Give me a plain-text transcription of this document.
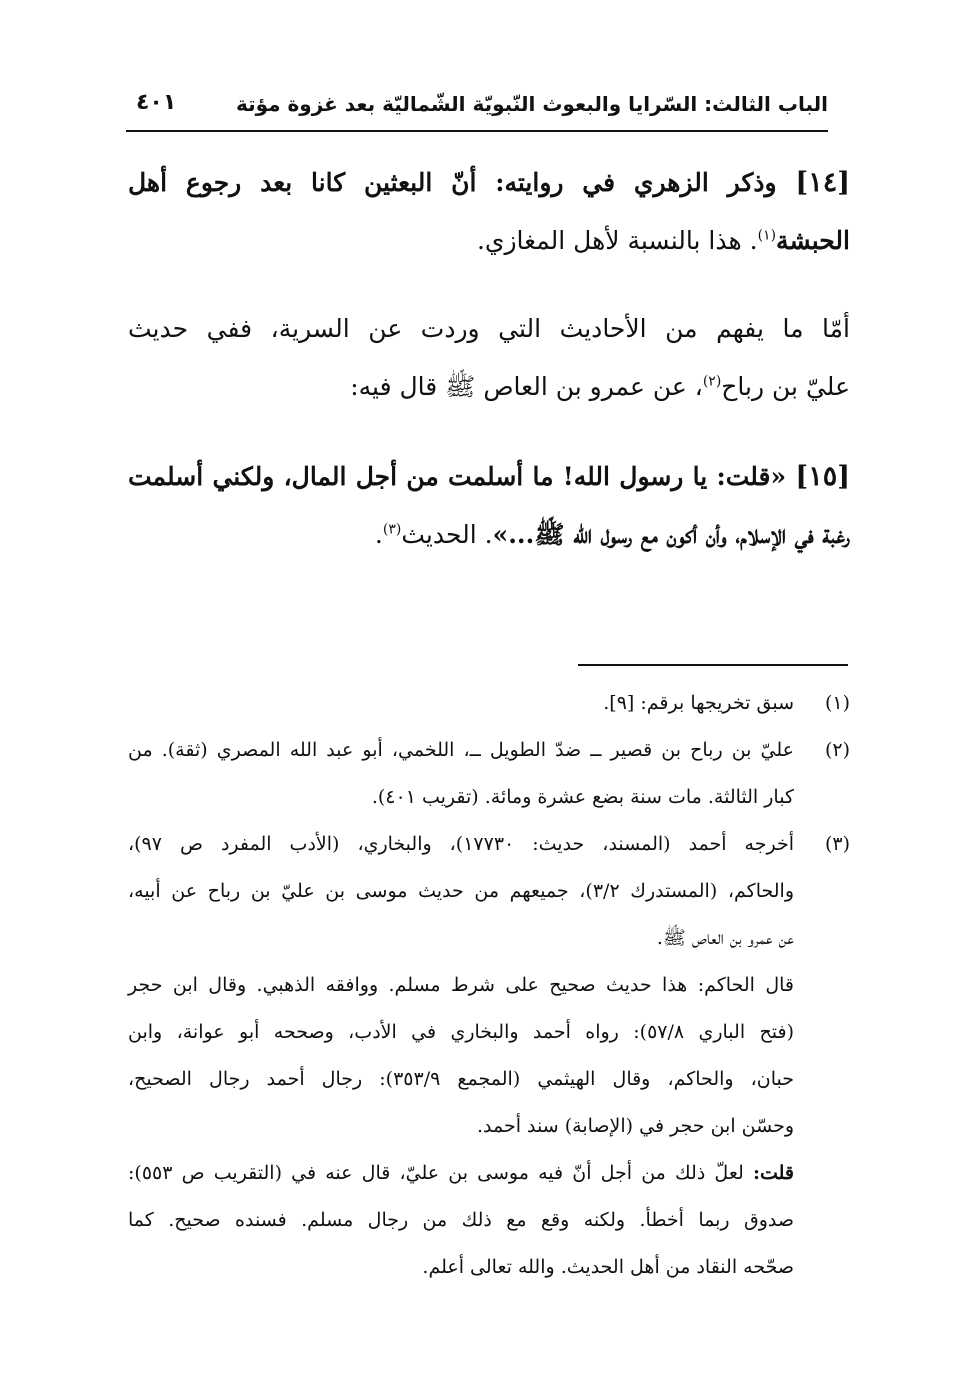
الباب الثالث: السّرايا والبعوث النّبويّة الشّماليّة بعد غزوة مؤتة
٤٠١
[١٤] وذكر الزهري في روايته: أنّ البعثين كانا بعد رجوع أهل
الحبشة$^{(١)}$. هذا بالنسبة لأهل المغازي.
أمّا ما يفهم من الأحاديث التي وردت عن السرية، ففي حديث
عليّ بن رباح$^{(٢)}$، عن عمرو بن العاص ﷺ قال فيه:
[١٥] «قلت: يا رسول الله! ما أسلمت من أجل المال، ولكني أسلمت
رغبة في الإسلام، وأن أكون مع رسول الله ﷺ...». الحديث$^{(٣)}$.
(١)
سبق تخريجها برقم: [٩].
(٢)
عليّ بن رباح بن قصير ــ ضدّ الطويل ــ، اللخمي، أبو عبد الله المصري (ثقة). من
كبار الثالثة. مات سنة بضع عشرة ومائة. (تقريب ٤٠١).
(٣)
أخرجه أحمد (المسند، حديث: ١٧٧٣٠)، والبخاري، (الأدب المفرد ص ٩٧)،
والحاكم، (المستدرك ٣/٢)، جميعهم من حديث موسى بن عليّ بن رباح عن أبيه،
عن عمرو بن العاص ﷺ.
قال الحاكم: هذا حديث صحيح على شرط مسلم. ووافقه الذهبي. وقال ابن حجر
(فتح الباري ٥٧/٨): رواه أحمد والبخاري في الأدب، وصححه أبو عوانة، وابن
حبان، والحاكم، وقال الهيثمي (المجمع ٣٥٣/٩): رجال أحمد رجال الصحيح،
وحسّن ابن حجر في (الإصابة) سند أحمد.
قلت: لعلّ ذلك من أجل أنّ فيه موسى بن عليّ، قال عنه في (التقريب ص ٥٥٣):
صدوق ربما أخطأ. ولكنه وقع مع ذلك من رجال مسلم. فسنده صحيح. كما
صحّحه النقاد من أهل الحديث. والله تعالى أعلم.
